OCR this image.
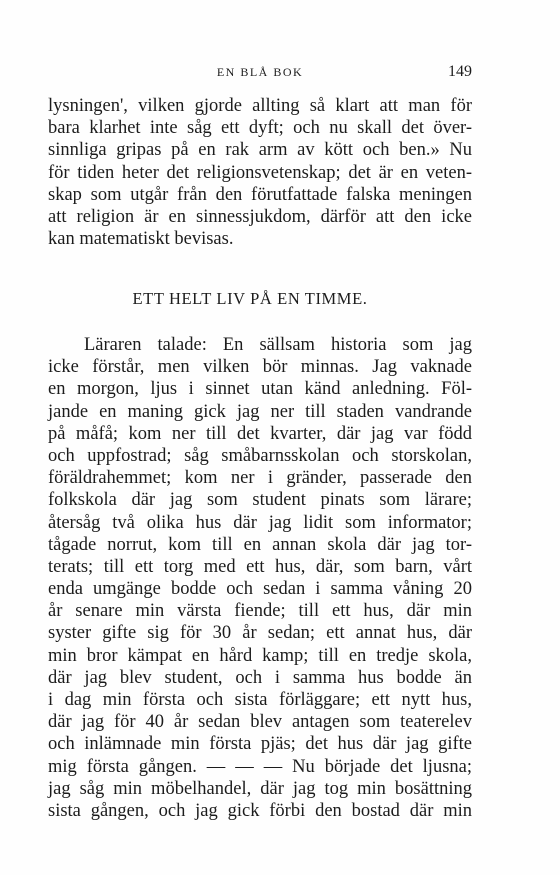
EN BLÅ BOK	149
lysningen', vilken gjorde allting så klart att man för
bara klarhet inte såg ett dyft; och nu skall det över-
sinnliga gripas på en rak arm av kött och ben.» Nu
för tiden heter det religionsvetenskap; det är en veten-
skap som utgår från den förutfattade falska meningen
att religion är en sinnessjukdom, därför att den icke
kan matematiskt bevisas.
ETT HELT LIV PÅ EN TIMME.
Läraren talade: En sällsam historia som jag
icke förstår, men vilken bör minnas. Jag vaknade
en morgon, ljus i sinnet utan känd anledning. Föl-
jande en maning gick jag ner till staden vandrande
på måfå; kom ner till det kvarter, där jag var född
och uppfostrad; såg småbarnsskolan och storskolan,
föräldrahemmet; kom ner i gränder, passerade den
folkskola där jag som student pinats som lärare;
återsåg två olika hus där jag lidit som informator;
tågade norrut, kom till en annan skola där jag tor-
terats; till ett torg med ett hus, där, som barn, vårt
enda umgänge bodde och sedan i samma våning 20
år senare min värsta fiende; till ett hus, där min
syster gifte sig för 30 år sedan; ett annat hus, där
min bror kämpat en hård kamp; till en tredje skola,
där jag blev student, och i samma hus bodde än
i dag min första och sista förläggare; ett nytt hus,
där jag för 40 år sedan blev antagen som teaterelev
och inlämnade min första pjäs; det hus där jag gifte
mig första gången. — — — Nu började det ljusna;
jag såg min möbelhandel, där jag tog min bosättning
sista gången, och jag gick förbi den bostad där min
